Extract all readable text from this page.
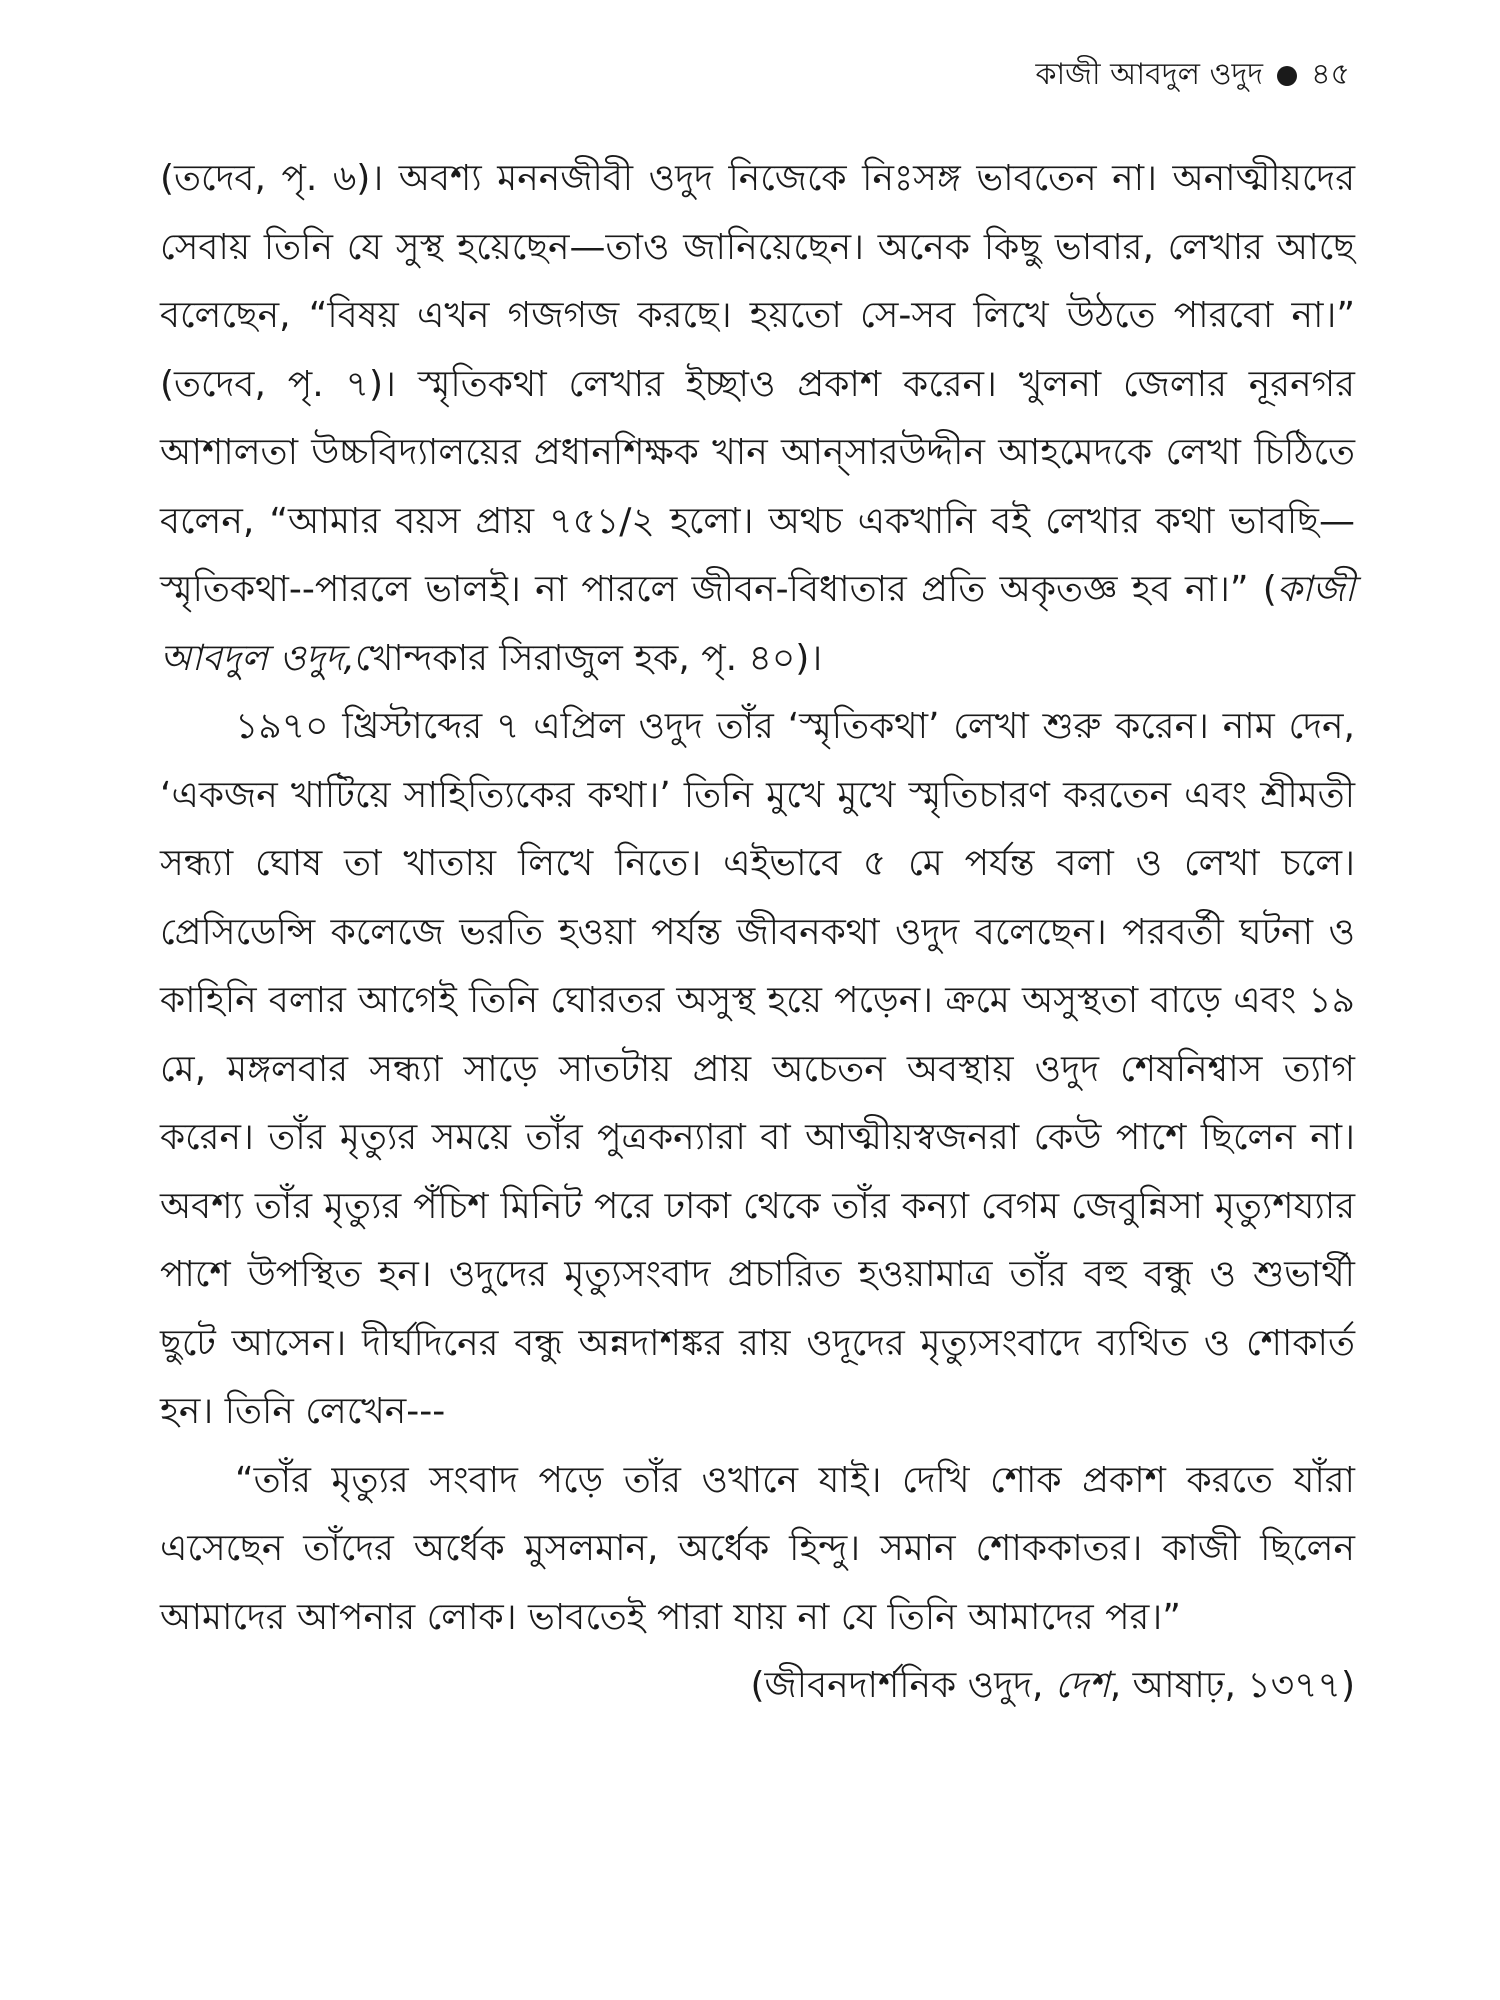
কাজী আবদুল ওদুদ ৪৫

(তদেব, পৃ. ৬)। অবশ্য মননজীবী ওদুদ নিজেকে নিঃসঙ্গ ভাবতেন না। অনাত্মীয়দের সেবায় তিনি যে সুস্থ হয়েছেন—তাও জানিয়েছেন। অনেক কিছু ভাবার, লেখার আছে বলেছেন, “বিষয় এখন গজগজ করছে। হয়তো সে-সব লিখে উঠতে পারবো না।” (তদেব, পৃ. ৭)। স্মৃতিকথা লেখার ইচ্ছাও প্রকাশ করেন। খুলনা জেলার নূরনগর আশালতা উচ্চবিদ্যালয়ের প্রধানশিক্ষক খান আন্‌সারউদ্দীন আহমেদকে লেখা চিঠিতে বলেন, “আমার বয়স প্রায় ৭৫১/২ হলো। অথচ একখানি বই লেখার কথা ভাবছি—স্মৃতিকথা--পারলে ভালই। না পারলে জীবন-বিধাতার প্রতি অকৃতজ্ঞ হব না।” (কাজী আবদুল ওদুদ,খোন্দকার সিরাজুল হক, পৃ. ৪০)।

১৯৭০ খ্রিস্টাব্দের ৭ এপ্রিল ওদুদ তাঁর ‘স্মৃতিকথা’ লেখা শুরু করেন। নাম দেন, ‘একজন খাটিয়ে সাহিত্যিকের কথা।’ তিনি মুখে মুখে স্মৃতিচারণ করতেন এবং শ্রীমতী সন্ধ্যা ঘোষ তা খাতায় লিখে নিতে। এইভাবে ৫ মে পর্যন্ত বলা ও লেখা চলে। প্রেসিডেন্সি কলেজে ভরতি হওয়া পর্যন্ত জীবনকথা ওদুদ বলেছেন। পরবর্তী ঘটনা ও কাহিনি বলার আগেই তিনি ঘোরতর অসুস্থ হয়ে পড়েন। ক্রমে অসুস্থতা বাড়ে এবং ১৯ মে, মঙ্গলবার সন্ধ্যা সাড়ে সাতটায় প্রায় অচেতন অবস্থায় ওদুদ শেষনিশ্বাস ত্যাগ করেন। তাঁর মৃত্যুর সময়ে তাঁর পুত্রকন্যারা বা আত্মীয়স্বজনরা কেউ পাশে ছিলেন না। অবশ্য তাঁর মৃত্যুর পঁচিশ মিনিট পরে ঢাকা থেকে তাঁর কন্যা বেগম জেবুন্নিসা মৃত্যুশয্যার পাশে উপস্থিত হন। ওদুদের মৃত্যুসংবাদ প্রচারিত হওয়ামাত্র তাঁর বহু বন্ধু ও শুভার্থী ছুটে আসেন। দীর্ঘদিনের বন্ধু অন্নদাশঙ্কর রায় ওদূদের মৃত্যুসংবাদে ব্যথিত ও শোকার্ত হন। তিনি লেখেন---

“তাঁর মৃত্যুর সংবাদ পড়ে তাঁর ওখানে যাই। দেখি শোক প্রকাশ করতে যাঁরা এসেছেন তাঁদের অর্ধেক মুসলমান, অর্ধেক হিন্দু। সমান শোককাতর। কাজী ছিলেন আমাদের আপনার লোক। ভাবতেই পারা যায় না যে তিনি আমাদের পর।”

(জীবনদার্শনিক ওদুদ, দেশ, আষাঢ়, ১৩৭৭)
